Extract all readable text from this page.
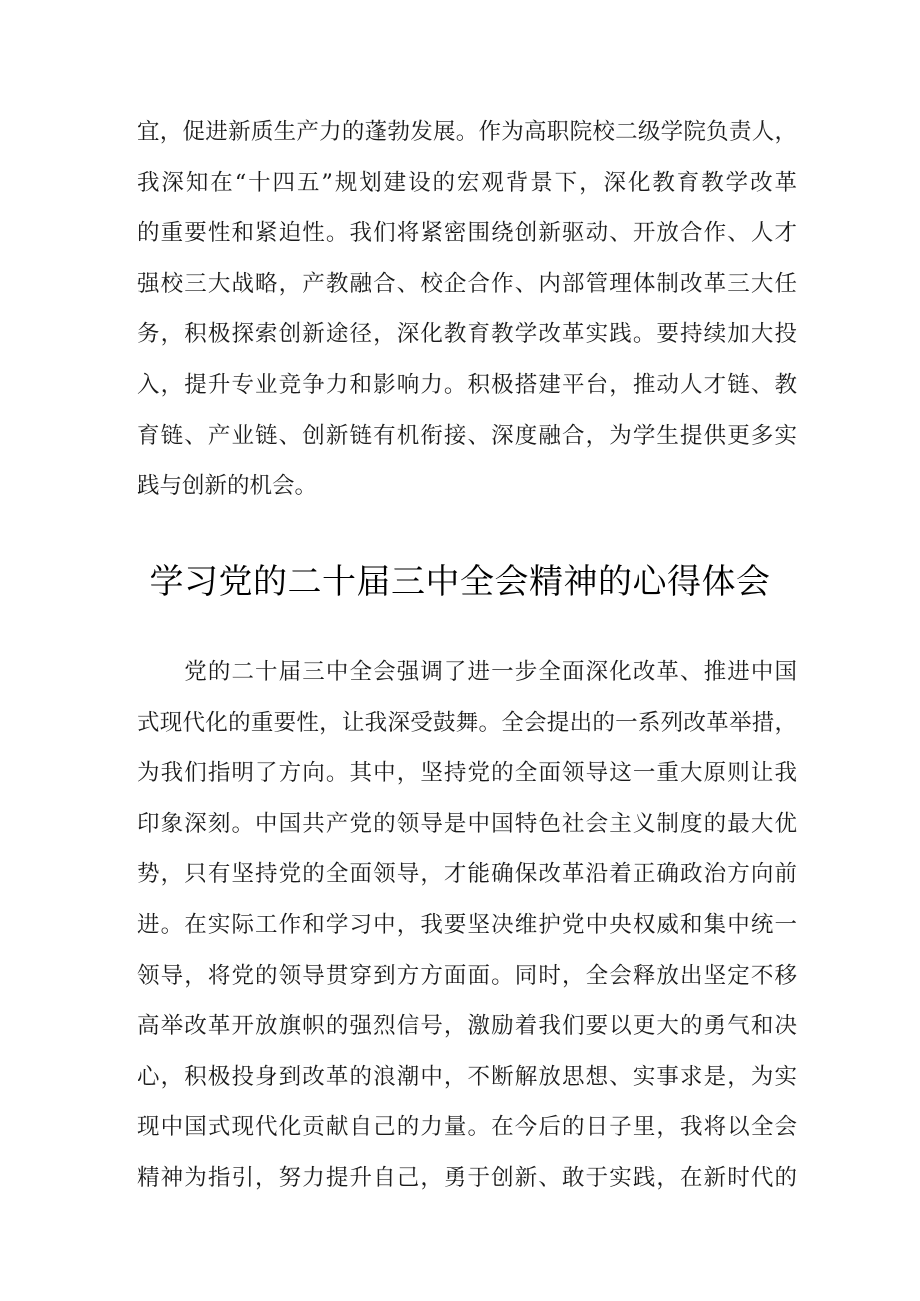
宜，促进新质生产力的蓬勃发展。作为高职院校二级学院负责人，
我深知在“十四五”规划建设的宏观背景下，深化教育教学改革
的重要性和紧迫性。我们将紧密围绕创新驱动、开放合作、人才
强校三大战略，产教融合、校企合作、内部管理体制改革三大任
务，积极探索创新途径，深化教育教学改革实践。要持续加大投
入，提升专业竞争力和影响力。积极搭建平台，推动人才链、教
育链、产业链、创新链有机衔接、深度融合，为学生提供更多实
践与创新的机会。
学习党的二十届三中全会精神的心得体会
　　党的二十届三中全会强调了进一步全面深化改革、推进中国
式现代化的重要性，让我深受鼓舞。全会提出的一系列改革举措，
为我们指明了方向。其中，坚持党的全面领导这一重大原则让我
印象深刻。中国共产党的领导是中国特色社会主义制度的最大优
势，只有坚持党的全面领导，才能确保改革沿着正确政治方向前
进。在实际工作和学习中，我要坚决维护党中央权威和集中统一
领导，将党的领导贯穿到方方面面。同时，全会释放出坚定不移
高举改革开放旗帜的强烈信号，激励着我们要以更大的勇气和决
心，积极投身到改革的浪潮中，不断解放思想、实事求是，为实
现中国式现代化贡献自己的力量。在今后的日子里，我将以全会
精神为指引，努力提升自己，勇于创新、敢于实践，在新时代的
